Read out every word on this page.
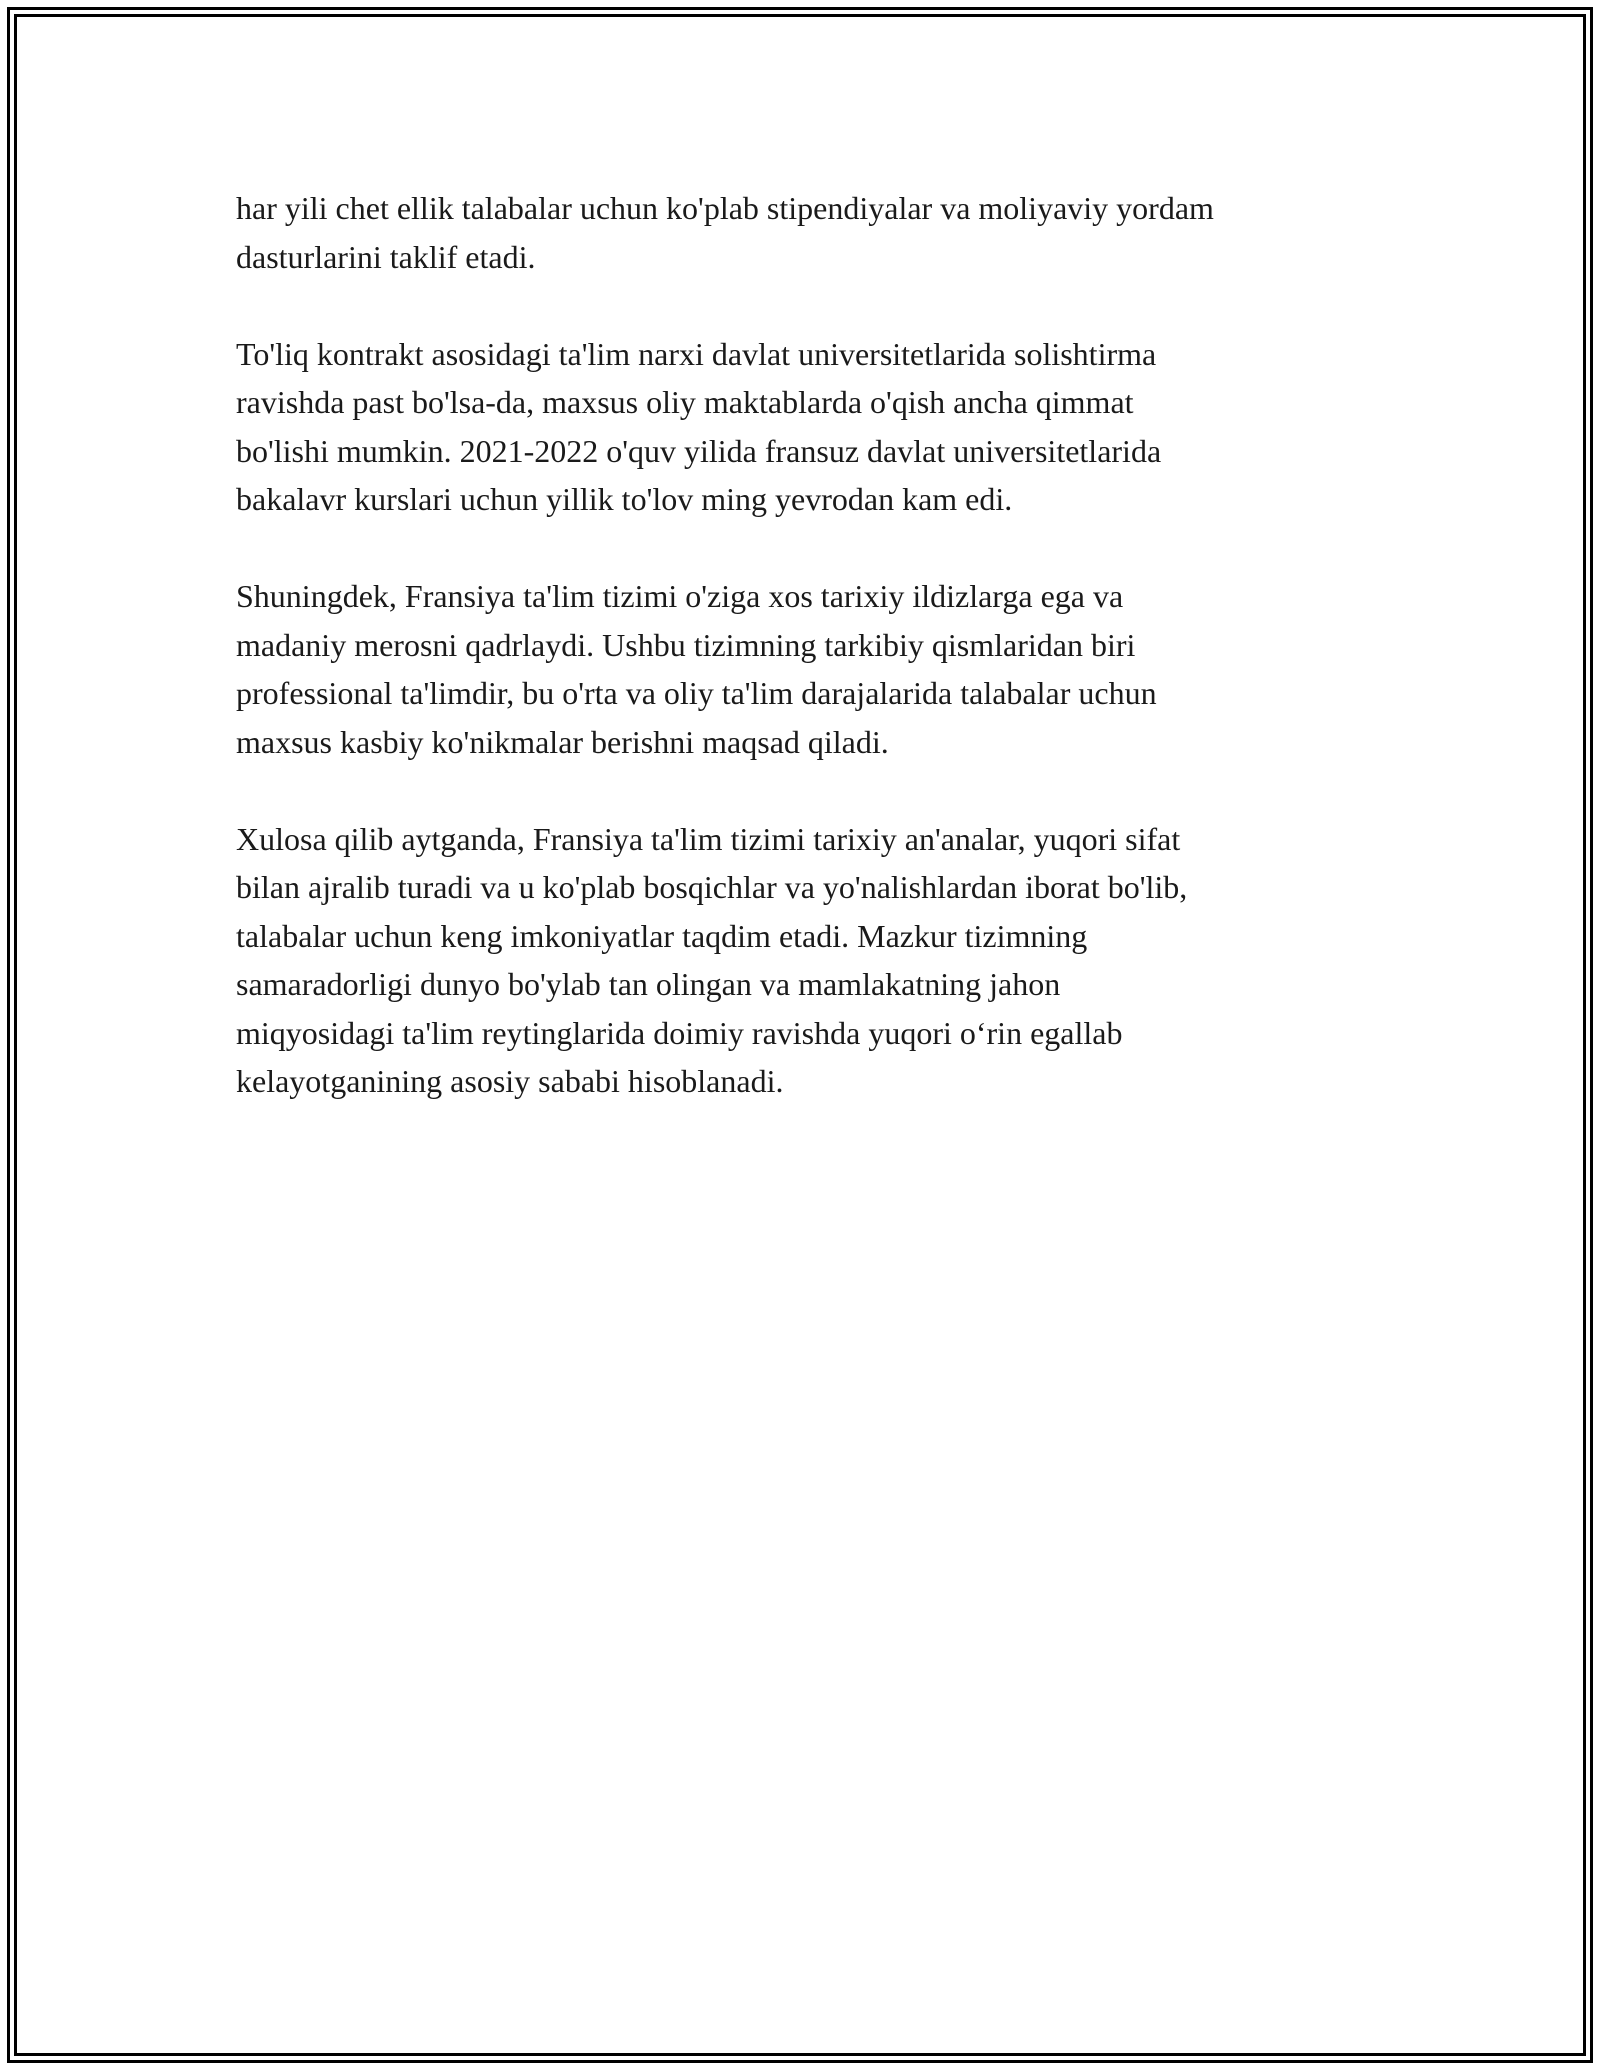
har yili chet ellik talabalar uchun ko'plab stipendiyalar va moliyaviy yordam
dasturlarini taklif etadi.

To'liq kontrakt asosidagi ta'lim narxi davlat universitetlarida solishtirma
ravishda past bo'lsa-da, maxsus oliy maktablarda o'qish ancha qimmat
bo'lishi mumkin. 2021-2022 o'quv yilida fransuz davlat universitetlarida
bakalavr kurslari uchun yillik to'lov ming yevrodan kam edi.

Shuningdek, Fransiya ta'lim tizimi o'ziga xos tarixiy ildizlarga ega va
madaniy merosni qadrlaydi. Ushbu tizimning tarkibiy qismlaridan biri
professional ta'limdir, bu o'rta va oliy ta'lim darajalarida talabalar uchun
maxsus kasbiy ko'nikmalar berishni maqsad qiladi.

Xulosa qilib aytganda, Fransiya ta'lim tizimi tarixiy an'analar, yuqori sifat
bilan ajralib turadi va u ko'plab bosqichlar va yo'nalishlardan iborat bo'lib,
talabalar uchun keng imkoniyatlar taqdim etadi. Mazkur tizimning
samaradorligi dunyo bo'ylab tan olingan va mamlakatning jahon
miqyosidagi ta'lim reytinglarida doimiy ravishda yuqori o‘rin egallab
kelayotganining asosiy sababi hisoblanadi.
